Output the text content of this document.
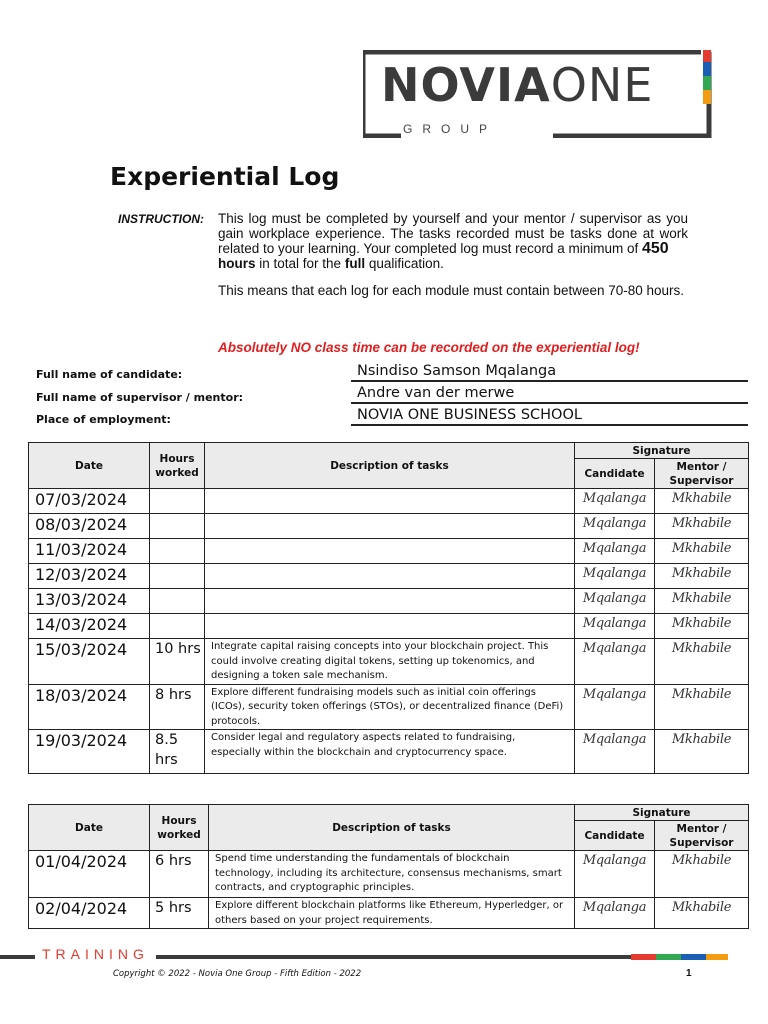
NOVIAONE
GROUP
Experiential Log
INSTRUCTION: This log must be completed by yourself and your mentor / supervisor as you gain workplace experience. The tasks recorded must be tasks done at work related to your learning. Your completed log must record a minimum of 450
hours in total for the full qualification.

This means that each log for each module must contain between 70-80 hours.

Absolutely NO class time can be recorded on the experiential log!
Full name of candidate:	Nsindiso Samson Mqalanga
Full name of supervisor / mentor:	Andre van der merwe
Place of employment:	NOVIA ONE BUSINESS SCHOOL
Date	Hours worked	Description of tasks	Signature	
			Candidate	Mentor / Supervisor
07/03/2024			Mqalanga	Mkhabile
08/03/2024			Mqalanga	Mkhabile
11/03/2024			Mqalanga	Mkhabile
12/03/2024			Mqalanga	Mkhabile
13/03/2024			Mqalanga	Mkhabile
14/03/2024			Mqalanga	Mkhabile
15/03/2024	10 hrs	Integrate capital raising concepts into your blockchain project. This could involve creating digital tokens, setting up tokenomics, and designing a token sale mechanism.	Mqalanga	Mkhabile
18/03/2024	8 hrs	Explore different fundraising models such as initial coin offerings (ICOs), security token offerings (STOs), or decentralized finance (DeFi) protocols.	Mqalanga	Mkhabile
19/03/2024	8.5 hrs	Consider legal and regulatory aspects related to fundraising, especially within the blockchain and cryptocurrency space.	Mqalanga	Mkhabile
Date	Hours worked	Description of tasks	Signature	
			Candidate	Mentor / Supervisor
01/04/2024	6 hrs	Spend time understanding the fundamentals of blockchain technology, including its architecture, consensus mechanisms, smart contracts, and cryptographic principles.	Mqalanga	Mkhabile
02/04/2024	5 hrs	Explore different blockchain platforms like Ethereum, Hyperledger, or others based on your project requirements.	Mqalanga	Mkhabile
TRAINING
Copyright © 2022 - Novia One Group - Fifth Edition - 2022	1
